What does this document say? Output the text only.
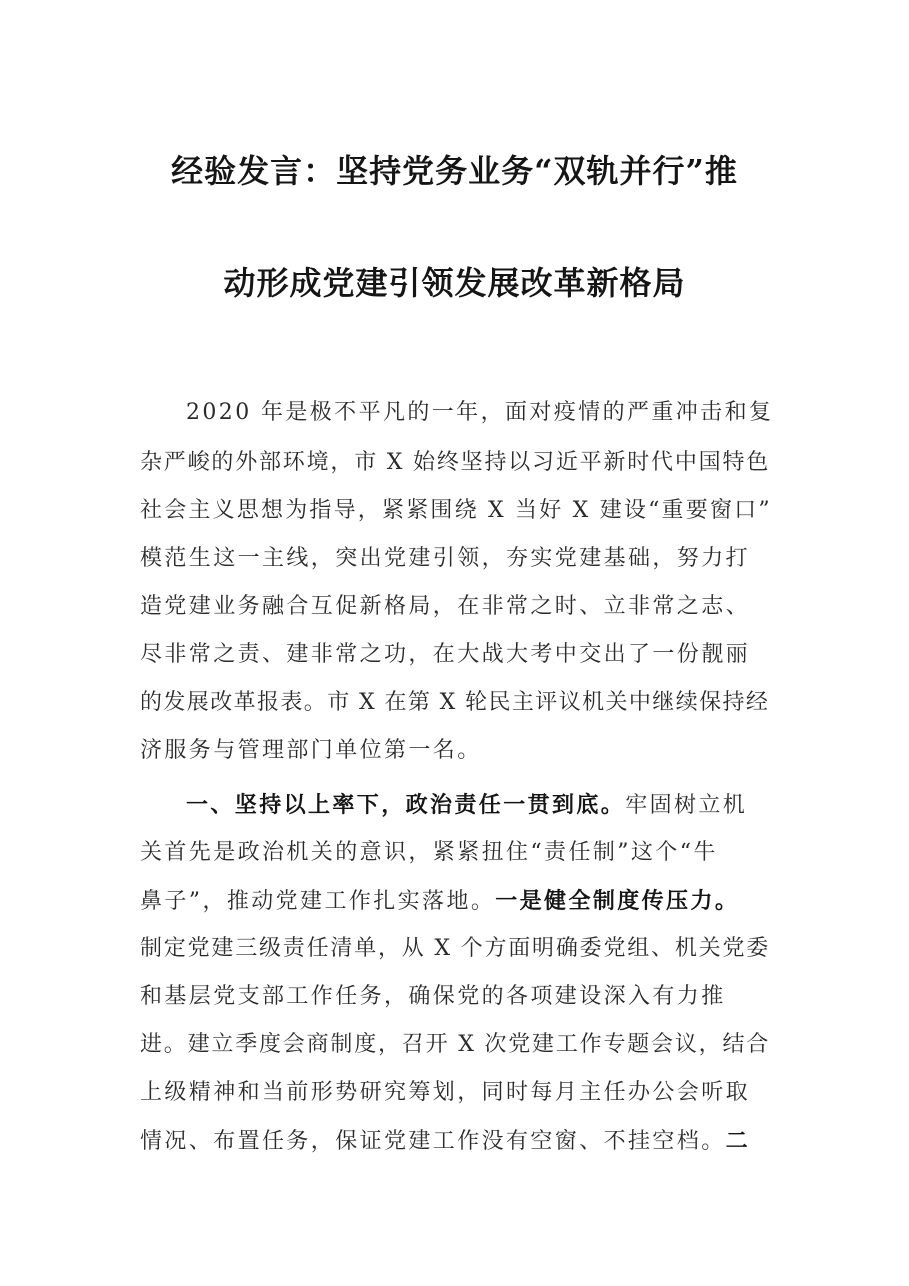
经验发言：坚持党务业务“双轨并行”推
动形成党建引领发展改革新格局
2020 年是极不平凡的一年，面对疫情的严重冲击和复
杂严峻的外部环境，市 X 始终坚持以习近平新时代中国特色
社会主义思想为指导，紧紧围绕 X 当好 X 建设“重要窗口”
模范生这一主线，突出党建引领，夯实党建基础，努力打
造党建业务融合互促新格局，在非常之时、立非常之志、
尽非常之责、建非常之功，在大战大考中交出了一份靓丽
的发展改革报表。市 X 在第 X 轮民主评议机关中继续保持经
济服务与管理部门单位第一名。
一、坚持以上率下，政治责任一贯到底。牢固树立机
关首先是政治机关的意识，紧紧扭住“责任制”这个“牛
鼻子”，推动党建工作扎实落地。一是健全制度传压力。
制定党建三级责任清单，从 X 个方面明确委党组、机关党委
和基层党支部工作任务，确保党的各项建设深入有力推
进。建立季度会商制度，召开 X 次党建工作专题会议，结合
上级精神和当前形势研究筹划，同时每月主任办公会听取
情况、布置任务，保证党建工作没有空窗、不挂空档。二
